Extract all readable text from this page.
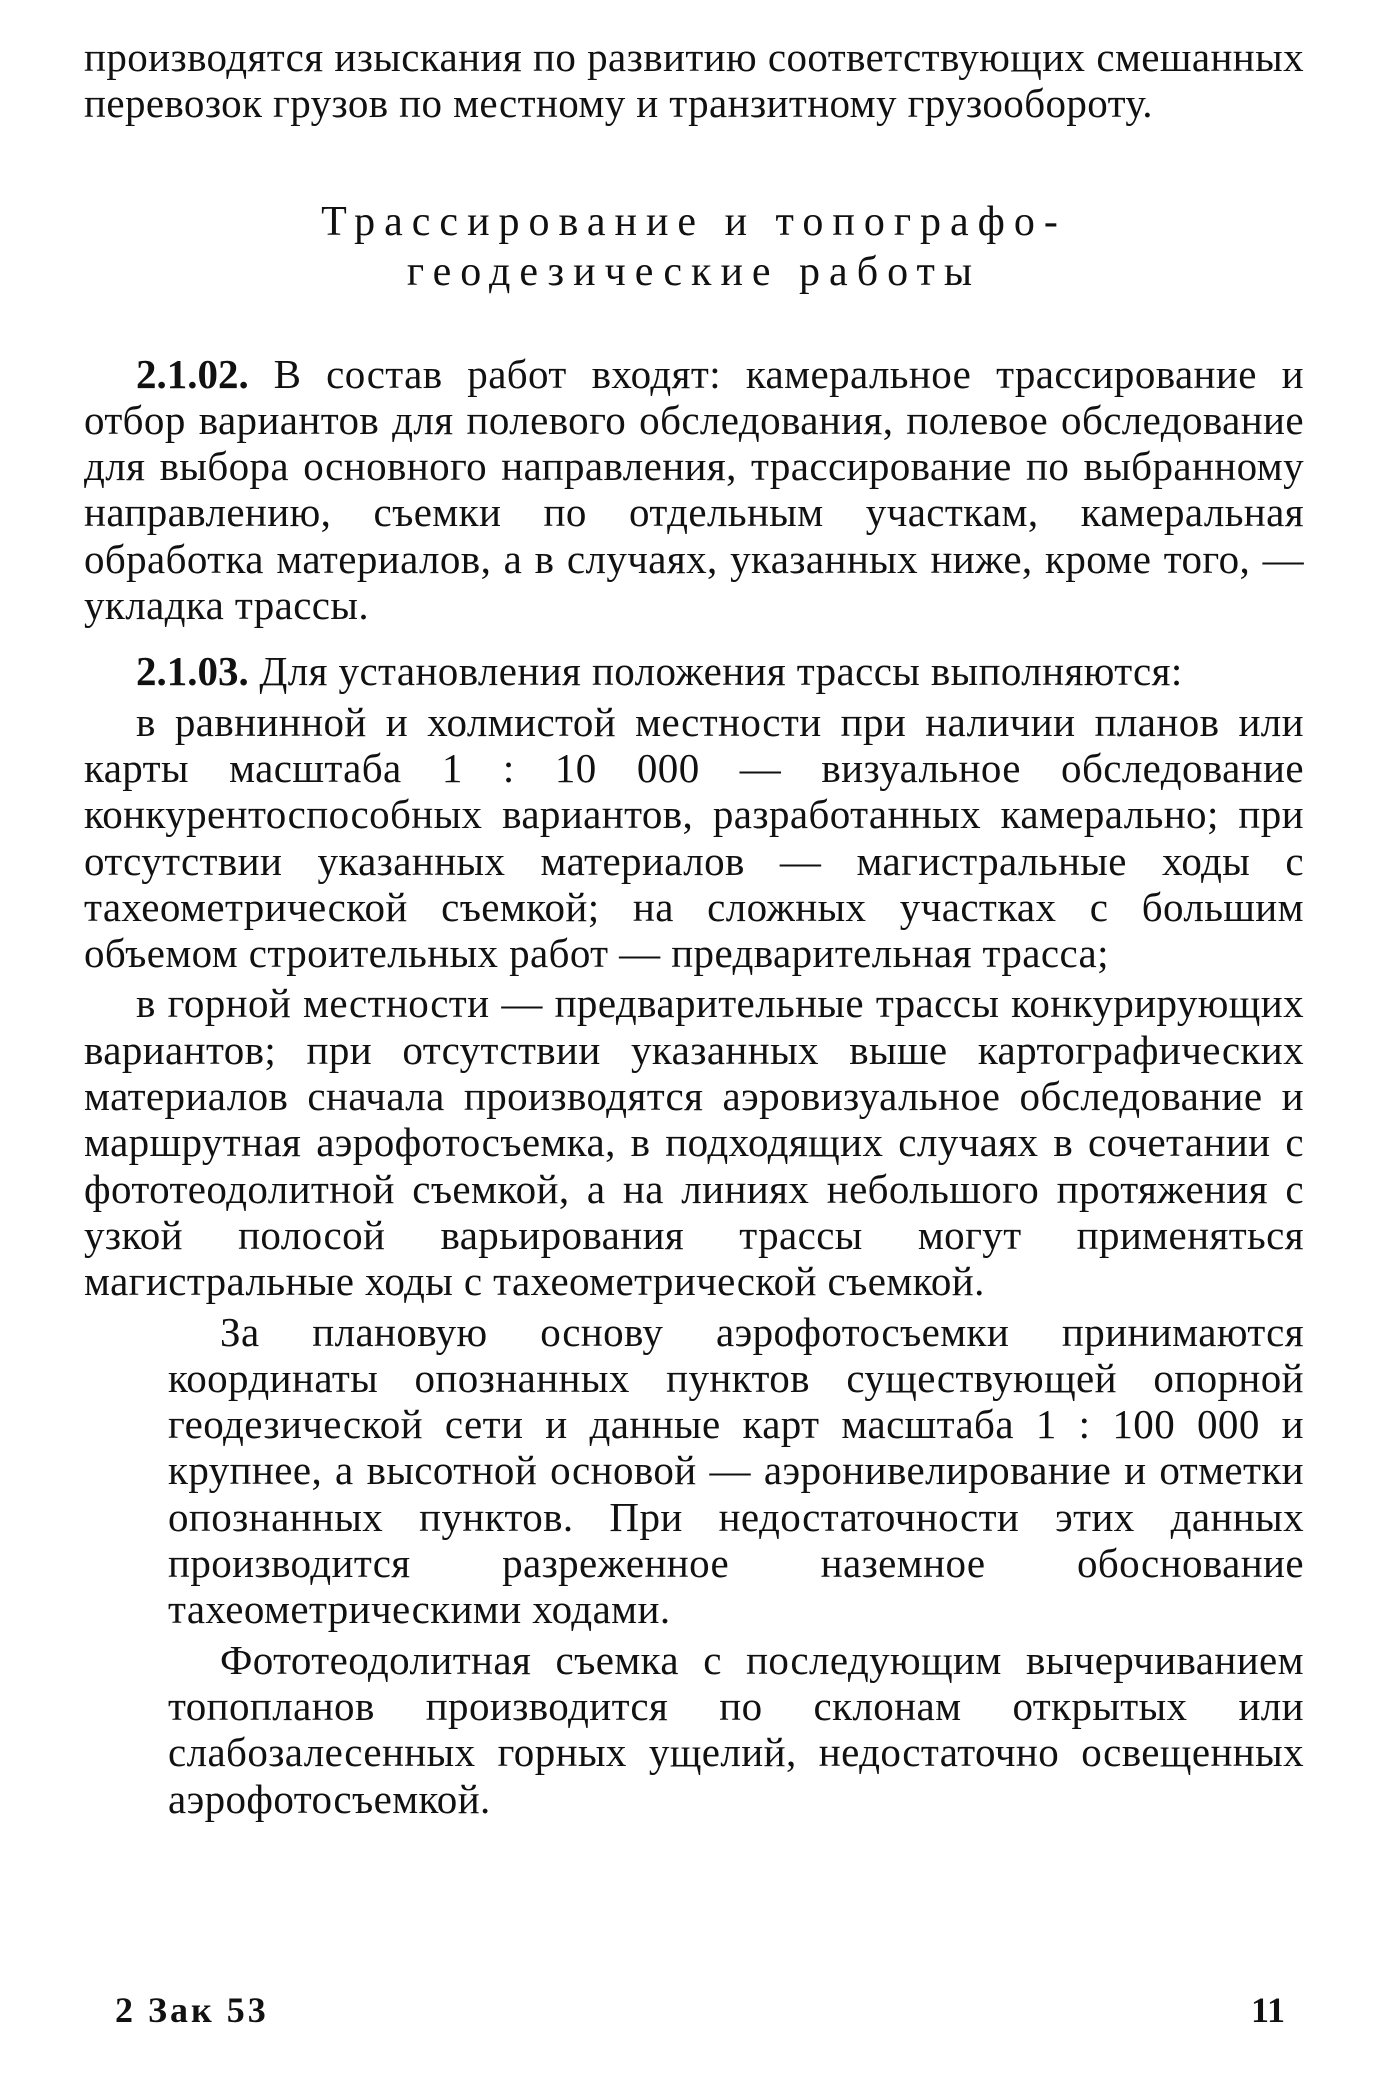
производятся изыскания по развитию соответствующих смешанных перевозок грузов по местному и транзитному грузообороту.

Трассирование и топографо-
геодезические работы

2.1.02. В состав работ входят: камеральное трассирование и отбор вариантов для полевого обследования, полевое обследование для выбора основного направления, трассирование по выбранному направлению, съемки по отдельным участкам, камеральная обработка материалов, а в случаях, указанных ниже, кроме того, — укладка трассы.

2.1.03. Для установления положения трассы выполняются:

в равнинной и холмистой местности при наличии планов или карты масштаба 1 : 10 000 — визуальное обследование конкурентоспособных вариантов, разработанных камерально; при отсутствии указанных материалов — магистральные ходы с тахеометрической съемкой; на сложных участках с большим объемом строительных работ — предварительная трасса;

в горной местности — предварительные трассы конкурирующих вариантов; при отсутствии указанных выше картографических материалов сначала производятся аэровизуальное обследование и маршрутная аэрофотосъемка, в подходящих случаях в сочетании с фототеодолитной съемкой, а на линиях небольшого протяжения с узкой полосой варьирования трассы могут применяться магистральные ходы с тахеометрической съемкой.

За плановую основу аэрофотосъемки принимаются координаты опознанных пунктов существующей опорной геодезической сети и данные карт масштаба 1 : 100 000 и крупнее, а высотной основой — аэронивелирование и отметки опознанных пунктов. При недостаточности этих данных производится разреженное наземное обоснование тахеометрическими ходами.

Фототеодолитная съемка с последующим вычерчиванием топопланов производится по склонам открытых или слабозалесенных горных ущелий, недостаточно освещенных аэрофотосъемкой.

2 Зак 53	11
